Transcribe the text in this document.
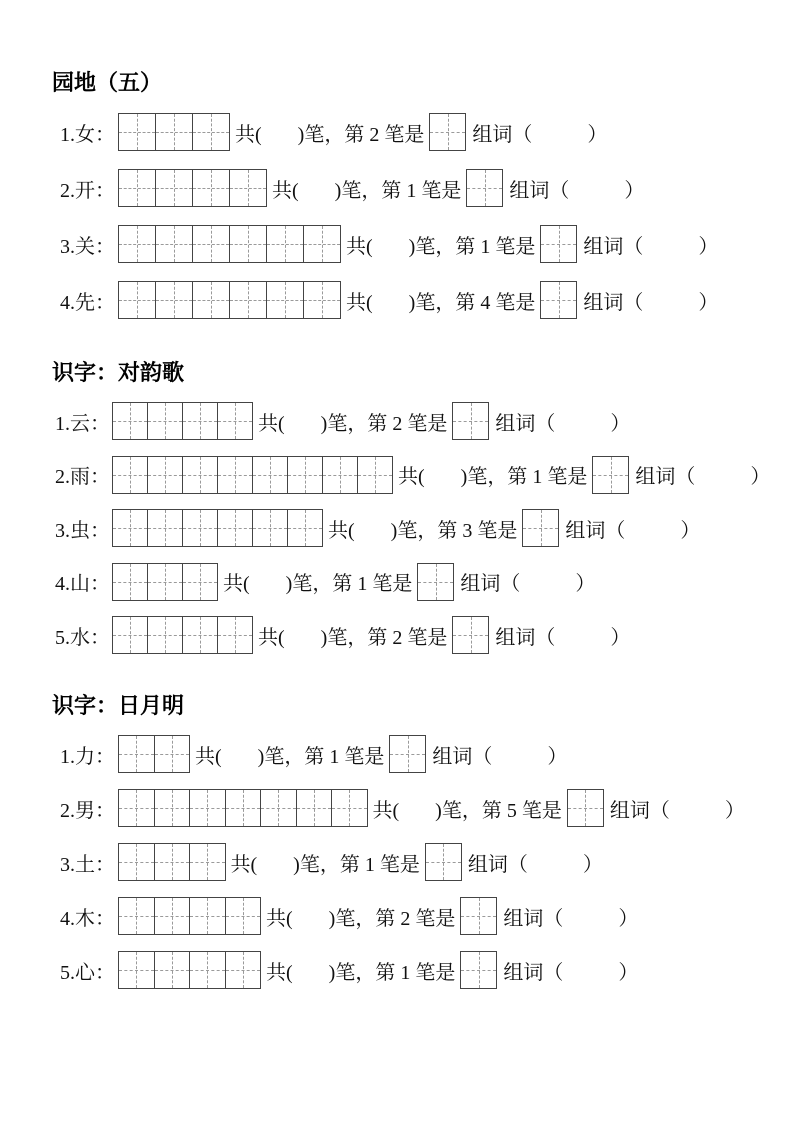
园地（五）
1.女：	共( )笔，第 2 笔是 组词（	）
2.开：	共( )笔，第 1 笔是 组词（	）
3.关：	共( )笔，第 1 笔是 组词（	）
4.先：	共( )笔，第 4 笔是 组词（	）
识字：对韵歌
1.云：	共( )笔，第 2 笔是 组词（	）
2.雨：	共( )笔，第 1 笔是 组词（	）
3.虫：	共( )笔，第 3 笔是 组词（	）
4.山：	共( )笔，第 1 笔是 组词（	）
5.水：	共( )笔，第 2 笔是 组词（	）
识字：日月明
1.力：	共( )笔，第 1 笔是 组词（	）
2.男：	共( )笔，第 5 笔是 组词（	）
3.土：	共( )笔，第 1 笔是 组词（	）
4.木：	共( )笔，第 2 笔是 组词（	）
5.心：	共( )笔，第 1 笔是 组词（	）
